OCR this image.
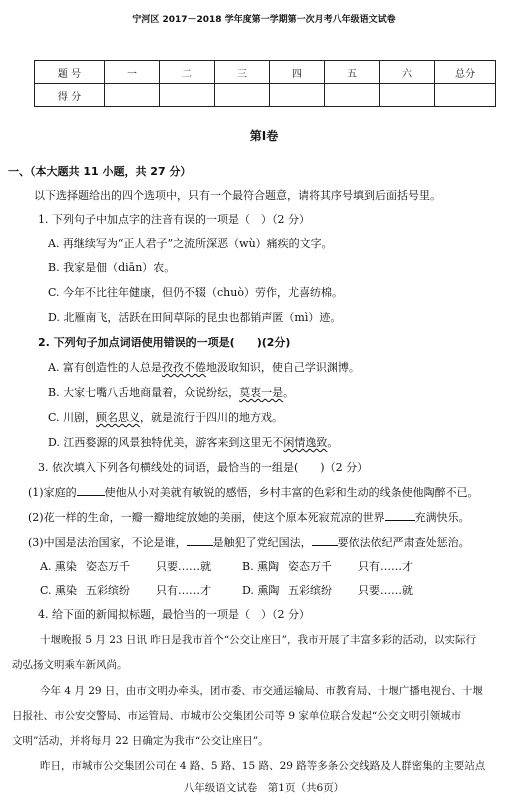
宁河区 2017－2018 学年度第一学期第一次月考八年级语文试卷
题 号	一	二	三	四	五	六	总分
得 分							
第Ⅰ卷
一、（本大题共 11 小题，共 27 分）
以下选择题给出的四个选项中，只有一个最符合题意，请将其序号填到后面括号里。
1. 下列句子中加点字的注音有误的一项是（　）（2 分）
A. 再继续写为“正人君子”之流所深恶（wù）痛疾的文字。
B. 我家是佃（diān）农。
C. 今年不比往年健康，但仍不辍（chuò）劳作，尤喜纺棉。
D. 北雁南飞，活跃在田间草际的昆虫也都销声匿（mì）迹。
2. 下列句子加点词语使用错误的一项是(　　)(2分)
A. 富有创造性的人总是孜孜不倦地汲取知识，使自己学识渊博。
B. 大家七嘴八舌地商量着，众说纷纭，莫衷一是。
C. 川剧，顾名思义，就是流行于四川的地方戏。
D. 江西婺源的风景独特优美，游客来到这里无不闲情逸致。
3. 依次填入下列各句横线处的词语，最恰当的一组是(　　)（2 分）
(1)家庭的	使他从小对美就有敏锐的感悟，乡村丰富的色彩和生动的线条使他陶醉不已。
(2)花一样的生命，一瓣一瓣地绽放她的美丽，使这个原本死寂荒凉的世界	充满快乐。
(3)中国是法治国家，不论是谁， 是触犯了党纪国法， 要依法依纪严肃查处惩治。
A. 熏染 姿态万千 只要……就	B. 熏陶 姿态万千 只有……才
C. 熏染 五彩缤纷 只有……才	D. 熏陶 五彩缤纷 只要……就
4. 给下面的新闻拟标题，最恰当的一项是（　）（2 分）
十堰晚报 5 月 23 日讯 昨日是我市首个“公交让座日”，我市开展了丰富多彩的活动，以实际行
动弘扬文明乘车新风尚。
今年 4 月 29 日，由市文明办牵头，团市委、市交通运输局、市教育局、十堰广播电视台、十堰
日报社、市公安交警局、市运管局、市城市公交集团公司等 9 家单位联合发起“公交文明引领城市
文明”活动，并将每月 22 日确定为我市“公交让座日”。
昨日，市城市公交集团公司在 4 路、5 路、15 路、29 路等多条公交线路及人群密集的主要站点
八年级语文试卷　第1页（共6页）
